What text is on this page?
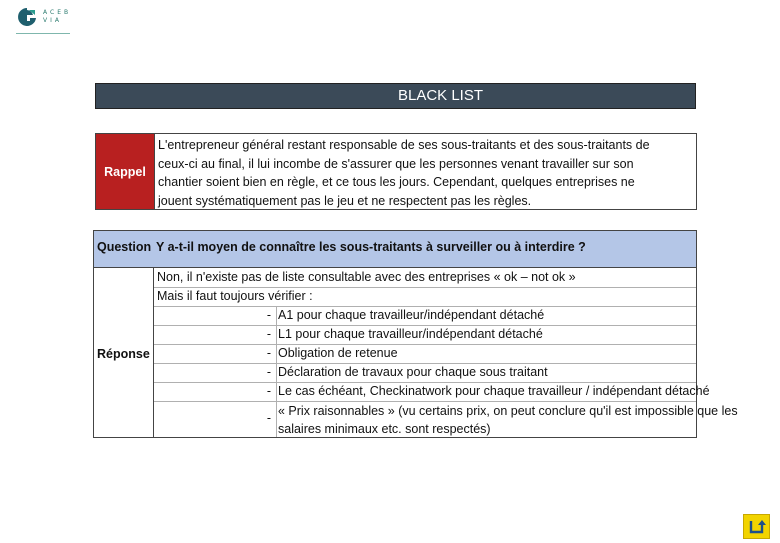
ACEB
VIA
BLACK LIST
Rappel
L'entrepreneur général restant responsable de ses sous-traitants et des sous-traitants de
ceux-ci au final, il lui incombe de s'assurer que les personnes venant travailler sur son
chantier soient bien en règle, et ce tous les jours. Cependant, quelques entreprises ne
jouent systématiquement pas le jeu et ne respectent pas les règles.
Question Y a-t-il moyen de connaître les sous-traitants à surveiller ou à interdire ?
Réponse
Non, il n'existe pas de liste consultable avec des entreprises « ok – not ok »
Mais il faut toujours vérifier :
- A1 pour chaque travailleur/indépendant détaché
- L1 pour chaque travailleur/indépendant détaché
- Obligation de retenue
- Déclaration de travaux pour chaque sous traitant
- Le cas échéant, Checkinatwork pour chaque travailleur / indépendant détaché
- « Prix raisonnables » (vu certains prix, on peut conclure qu'il est impossible que les salaires minimaux etc. sont respectés)
